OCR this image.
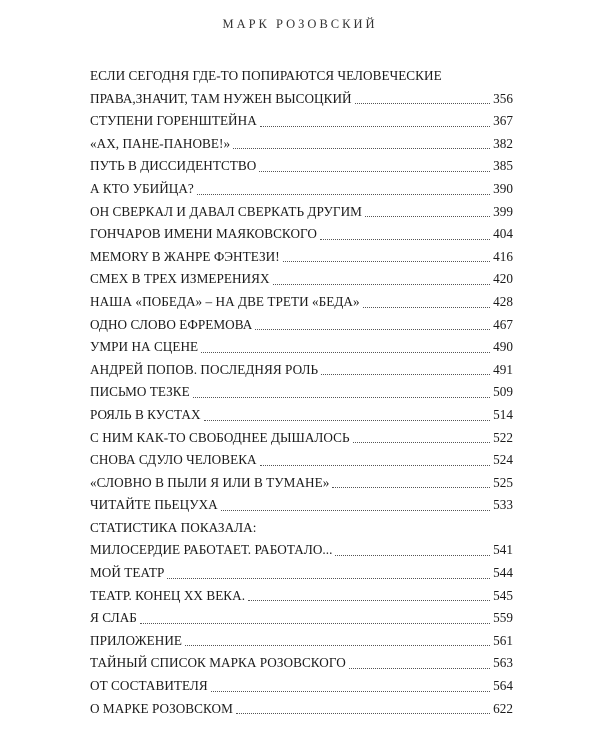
МАРК РОЗОВСКИЙ
ЕСЛИ СЕГОДНЯ ГДЕ-ТО ПОПИРАЮТСЯ ЧЕЛОВЕЧЕСКИЕ
ПРАВА,ЗНАЧИТ, ТАМ НУЖЕН ВЫСОЦКИЙ	356
СТУПЕНИ ГОРЕНШТЕЙНА	367
«АХ, ПАНЕ-ПАНОВЕ!»	382
ПУТЬ В ДИССИДЕНТСТВО	385
А КТО УБИЙЦА?	390
ОН СВЕРКАЛ И ДАВАЛ СВЕРКАТЬ ДРУГИМ	399
ГОНЧАРОВ ИМЕНИ МАЯКОВСКОГО	404
MEMORY В ЖАНРЕ ФЭНТЕЗИ!	416
СМЕХ В ТРЕХ ИЗМЕРЕНИЯХ	420
НАША «ПОБЕДА» – НА ДВЕ ТРЕТИ «БЕДА»	428
ОДНО СЛОВО ЕФРЕМОВА	467
УМРИ НА СЦЕНЕ	490
АНДРЕЙ ПОПОВ. ПОСЛЕДНЯЯ РОЛЬ	491
ПИСЬМО ТЕЗКЕ	509
РОЯЛЬ В КУСТАХ	514
С НИМ КАК-ТО СВОБОДНЕЕ ДЫШАЛОСЬ	522
СНОВА СДУЛО ЧЕЛОВЕКА	524
«СЛОВНО В ПЫЛИ Я ИЛИ В ТУМАНЕ»	525
ЧИТАЙТЕ ПЬЕЦУХА	533
СТАТИСТИКА ПОКАЗАЛА:
МИЛОСЕРДИЕ РАБОТАЕТ. РАБОТАЛО...	541
МОЙ ТЕАТР	544
ТЕАТР. КОНЕЦ XX ВЕКА.	545
Я СЛАБ	559
ПРИЛОЖЕНИЕ	561
ТАЙНЫЙ СПИСОК МАРКА РОЗОВСКОГО	563
ОТ СОСТАВИТЕЛЯ	564
О МАРКЕ РОЗОВСКОМ	622
